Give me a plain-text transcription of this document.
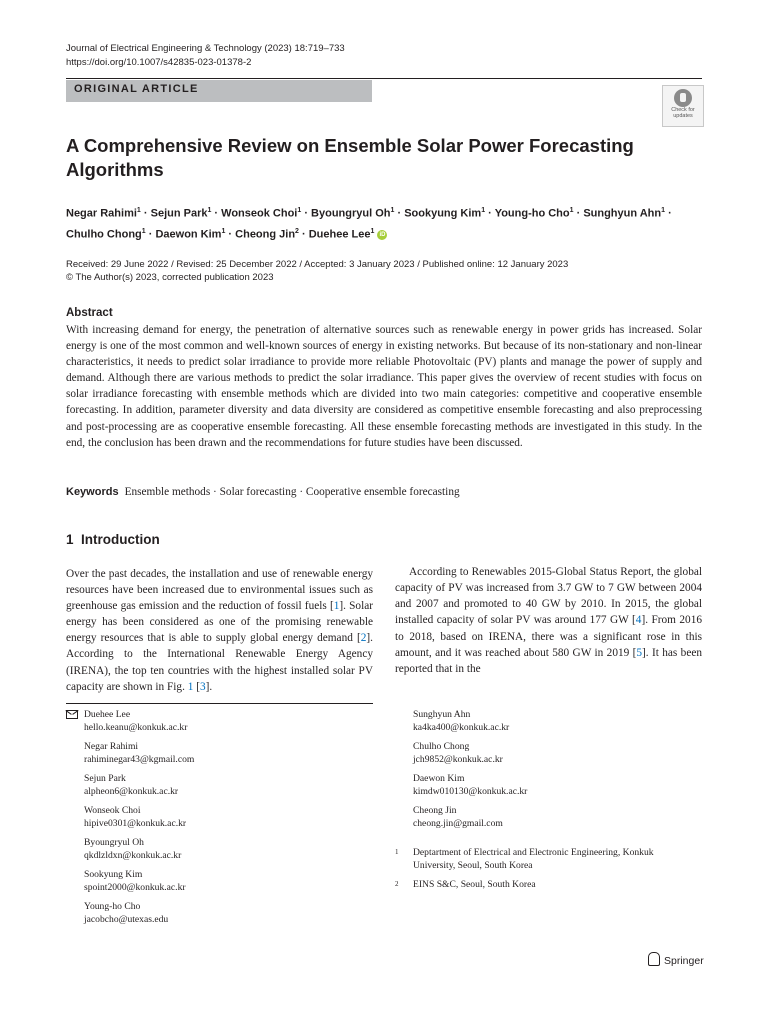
Journal of Electrical Engineering & Technology (2023) 18:719–733
https://doi.org/10.1007/s42835-023-01378-2
ORIGINAL ARTICLE
Check for
updates
A Comprehensive Review on Ensemble Solar Power Forecasting Algorithms
Negar Rahimi$^1$ · Sejun Park$^1$ · Wonseok Choi$^1$ · Byoungryul $Oh^1$ · Sookyung Kim$^1$ · Young-ho Cho$^1$ · Sunghyun Ahn$^1$ ·
Chulho Chong$^1$ · Daewon Kim$^1$ · Cheong Jin$^2$ · Duehee Lee$^1$ iD
Received: 29 June 2022 / Revised: 25 December 2022 / Accepted: 3 January 2023 / Published online: 12 January 2023
© The Author(s) 2023, corrected publication 2023
Abstract
With increasing demand for energy, the penetration of alternative sources such as renewable energy in power grids has increased. Solar energy is one of the most common and well-known sources of energy in existing networks. But because of its non-stationary and non-linear characteristics, it needs to predict solar irradiance to provide more reliable Photovoltaic (PV) plants and manage the power of supply and demand. Although there are various methods to predict the solar irradiance. This paper gives the overview of recent studies with focus on solar irradiance forecasting with ensemble methods which are divided into two main categories: competitive and cooperative ensemble forecasting. In addition, parameter diversity and data diversity are considered as competitive ensemble forecasting and also preprocessing and post-processing are as cooperative ensemble forecasting. All these ensemble forecasting methods are investigated in this study. In the end, the conclusion has been drawn and the recommendations for future studies have been discussed.
Keywords Ensemble methods · Solar forecasting · Cooperative ensemble forecasting
1 Introduction

Over the past decades, the installation and use of renewable energy resources have been increased due to environmental issues such as greenhouse gas emission and the reduction of fossil fuels [1]. Solar energy has been considered as one of the promising renewable energy resources that is able to supply global energy demand [2]. According to the International Renewable Energy Agency (IRENA), the top ten countries with the highest installed solar PV capacity are shown in Fig. 1 [3].

According to Renewables 2015-Global Status Report, the global capacity of PV was increased from 3.7 GW to 7 GW between 2004 and 2007 and promoted to 40 GW by 2010. In 2015, the global installed capacity of solar PV was around 177 GW [4]. From 2016 to 2018, based on IRENA, there was a significant rose in this amount, and it was reached about 580 GW in 2019 [5]. It has been reported that in the

Duehee Lee
hello.keanu@konkuk.ac.kr
Negar Rahimi
rahiminegar43@kgmail.com
Sejun Park
alpheon6@konkuk.ac.kr
Wonseok Choi
hipive0301@konkuk.ac.kr
Byoungryul Oh
qkdlzldxn@konkuk.ac.kr
Sookyung Kim
spoint2000@konkuk.ac.kr
Young-ho Cho
jacobcho@utexas.edu
Sunghyun Ahn
ka4ka400@konkuk.ac.kr
Chulho Chong
jch9852@konkuk.ac.kr
Daewon Kim
kimdw010130@konkuk.ac.kr
Cheong Jin
cheong.jin@gmail.com
1 Deptartment of Electrical and Electronic Engineering, Konkuk University, Seoul, South Korea
2 EINS S&C, Seoul, South Korea
Springer
